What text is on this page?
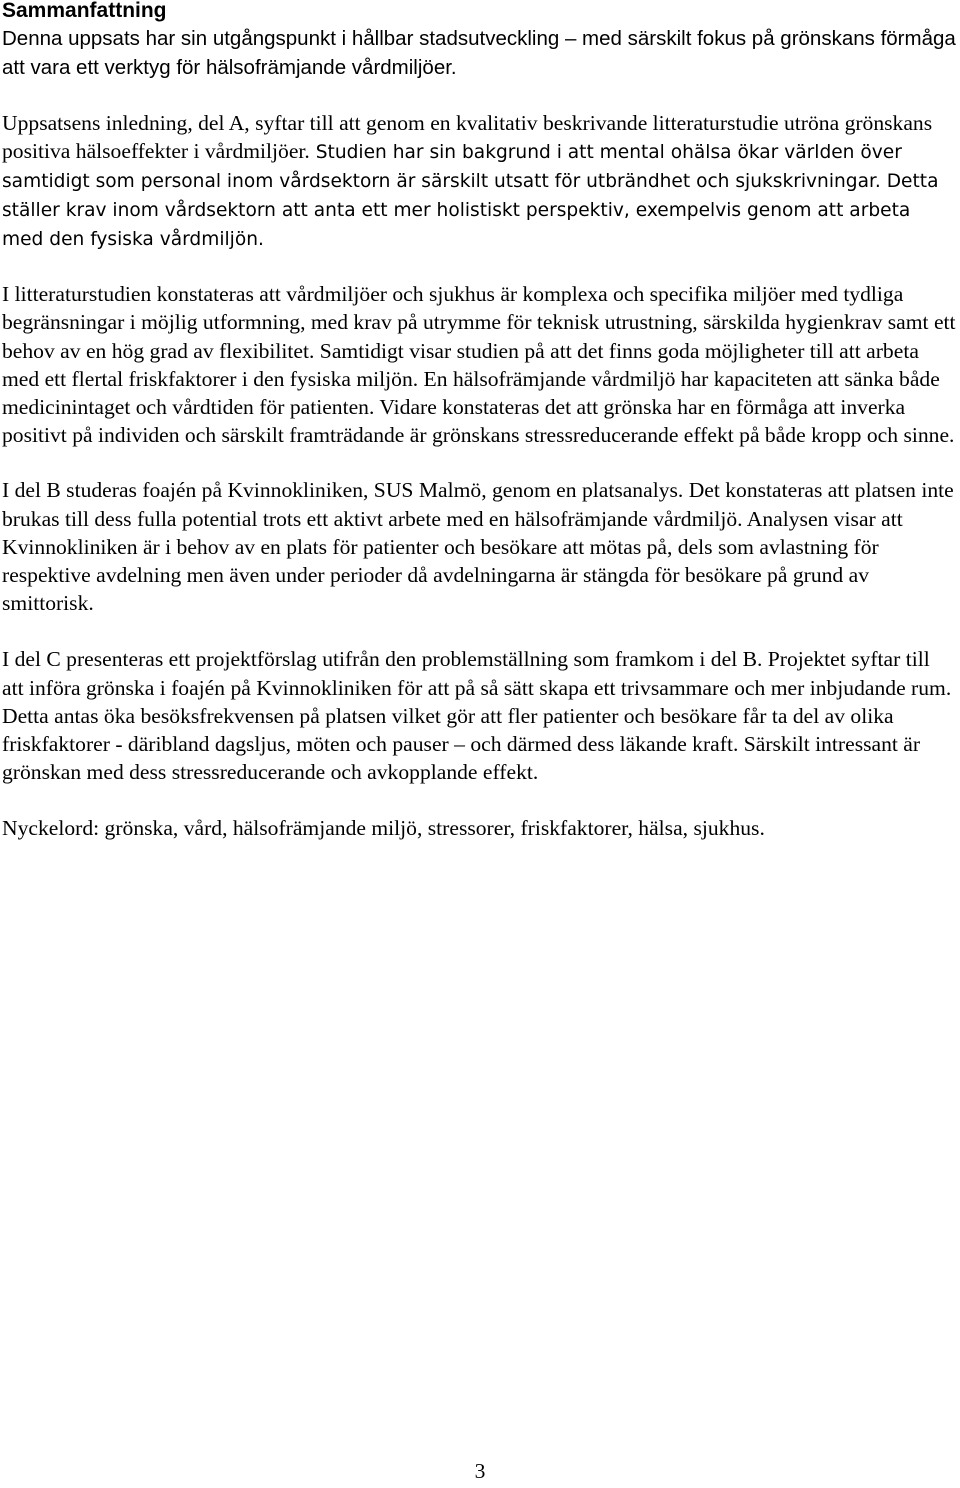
Sammanfattning

Denna uppsats har sin utgångspunkt i hållbar stadsutveckling – med särskilt fokus på grönskans förmåga att vara ett verktyg för hälsofrämjande vårdmiljöer.

Uppsatsens inledning, del A, syftar till att genom en kvalitativ beskrivande litteraturstudie utröna grönskans positiva hälsoeffekter i vårdmiljöer. Studien har sin bakgrund i att mental ohälsa ökar världen över samtidigt som personal inom vårdsektorn är särskilt utsatt för utbrändhet och sjukskrivningar. Detta ställer krav inom vårdsektorn att anta ett mer holistiskt perspektiv, exempelvis genom att arbeta med den fysiska vårdmiljön.

I litteraturstudien konstateras att vårdmiljöer och sjukhus är komplexa och specifika miljöer med tydliga begränsningar i möjlig utformning, med krav på utrymme för teknisk utrustning, särskilda hygienkrav samt ett behov av en hög grad av flexibilitet. Samtidigt visar studien på att det finns goda möjligheter till att arbeta med ett flertal friskfaktorer i den fysiska miljön. En hälsofrämjande vårdmiljö har kapaciteten att sänka både medicinintaget och vårdtiden för patienten. Vidare konstateras det att grönska har en förmåga att inverka positivt på individen och särskilt framträdande är grönskans stressreducerande effekt på både kropp och sinne.

I del B studeras foajén på Kvinnokliniken, SUS Malmö, genom en platsanalys. Det konstateras att platsen inte brukas till dess fulla potential trots ett aktivt arbete med en hälsofrämjande vårdmiljö. Analysen visar att Kvinnokliniken är i behov av en plats för patienter och besökare att mötas på, dels som avlastning för respektive avdelning men även under perioder då avdelningarna är stängda för besökare på grund av smittorisk.

I del C presenteras ett projektförslag utifrån den problemställning som framkom i del B. Projektet syftar till att införa grönska i foajén på Kvinnokliniken för att på så sätt skapa ett trivsammare och mer inbjudande rum. Detta antas öka besöksfrekvensen på platsen vilket gör att fler patienter och besökare får ta del av olika friskfaktorer - däribland dagsljus, möten och pauser – och därmed dess läkande kraft. Särskilt intressant är grönskan med dess stressreducerande och avkopplande effekt.

Nyckelord: grönska, vård, hälsofrämjande miljö, stressorer, friskfaktorer, hälsa, sjukhus.

3
